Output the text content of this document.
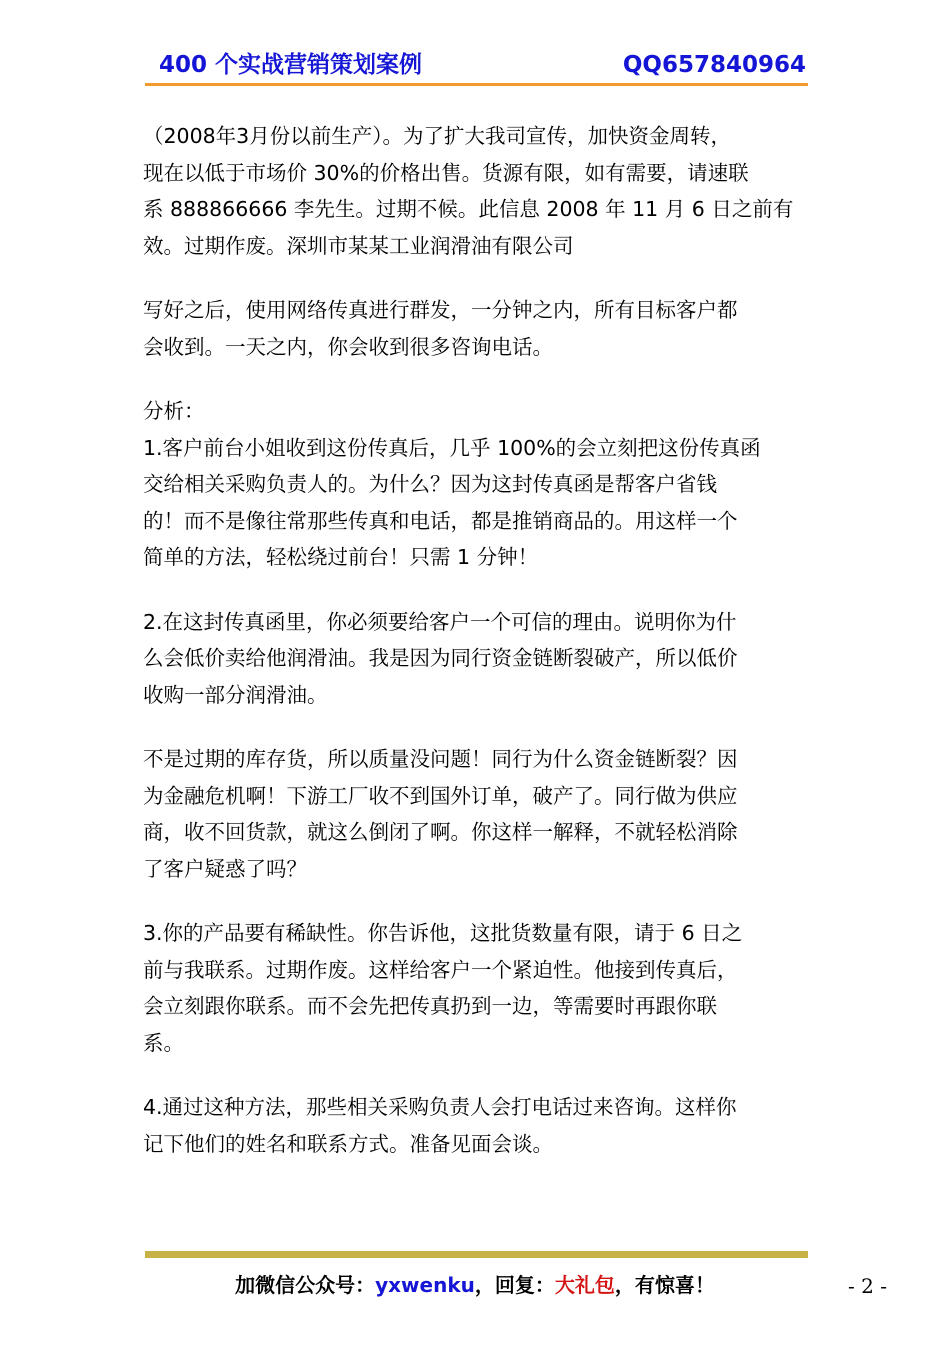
400 个实战营销策划案例	QQ657840964

（2008年3月份以前生产）。为了扩大我司宣传，加快资金周转，
现在以低于市场价 30%的价格出售。货源有限，如有需要，请速联
系 888866666 李先生。过期不候。此信息 2008 年 11 月 6 日之前有
效。过期作废。深圳市某某工业润滑油有限公司

写好之后，使用网络传真进行群发，一分钟之内，所有目标客户都
会收到。一天之内，你会收到很多咨询电话。

分析：

1.客户前台小姐收到这份传真后，几乎 100%的会立刻把这份传真函
交给相关采购负责人的。为什么？因为这封传真函是帮客户省钱
的！而不是像往常那些传真和电话，都是推销商品的。用这样一个
简单的方法，轻松绕过前台！只需 1 分钟！

2.在这封传真函里，你必须要给客户一个可信的理由。说明你为什
么会低价卖给他润滑油。我是因为同行资金链断裂破产，所以低价
收购一部分润滑油。

不是过期的库存货，所以质量没问题！同行为什么资金链断裂？因
为金融危机啊！下游工厂收不到国外订单，破产了。同行做为供应
商，收不回货款，就这么倒闭了啊。你这样一解释，不就轻松消除
了客户疑惑了吗？

3.你的产品要有稀缺性。你告诉他，这批货数量有限，请于 6 日之
前与我联系。过期作废。这样给客户一个紧迫性。他接到传真后，
会立刻跟你联系。而不会先把传真扔到一边，等需要时再跟你联
系。

4.通过这种方法，那些相关采购负责人会打电话过来咨询。这样你
记下他们的姓名和联系方式。准备见面会谈。

加微信公众号：yxwenku，回复：大礼包，有惊喜！	- 2 -
